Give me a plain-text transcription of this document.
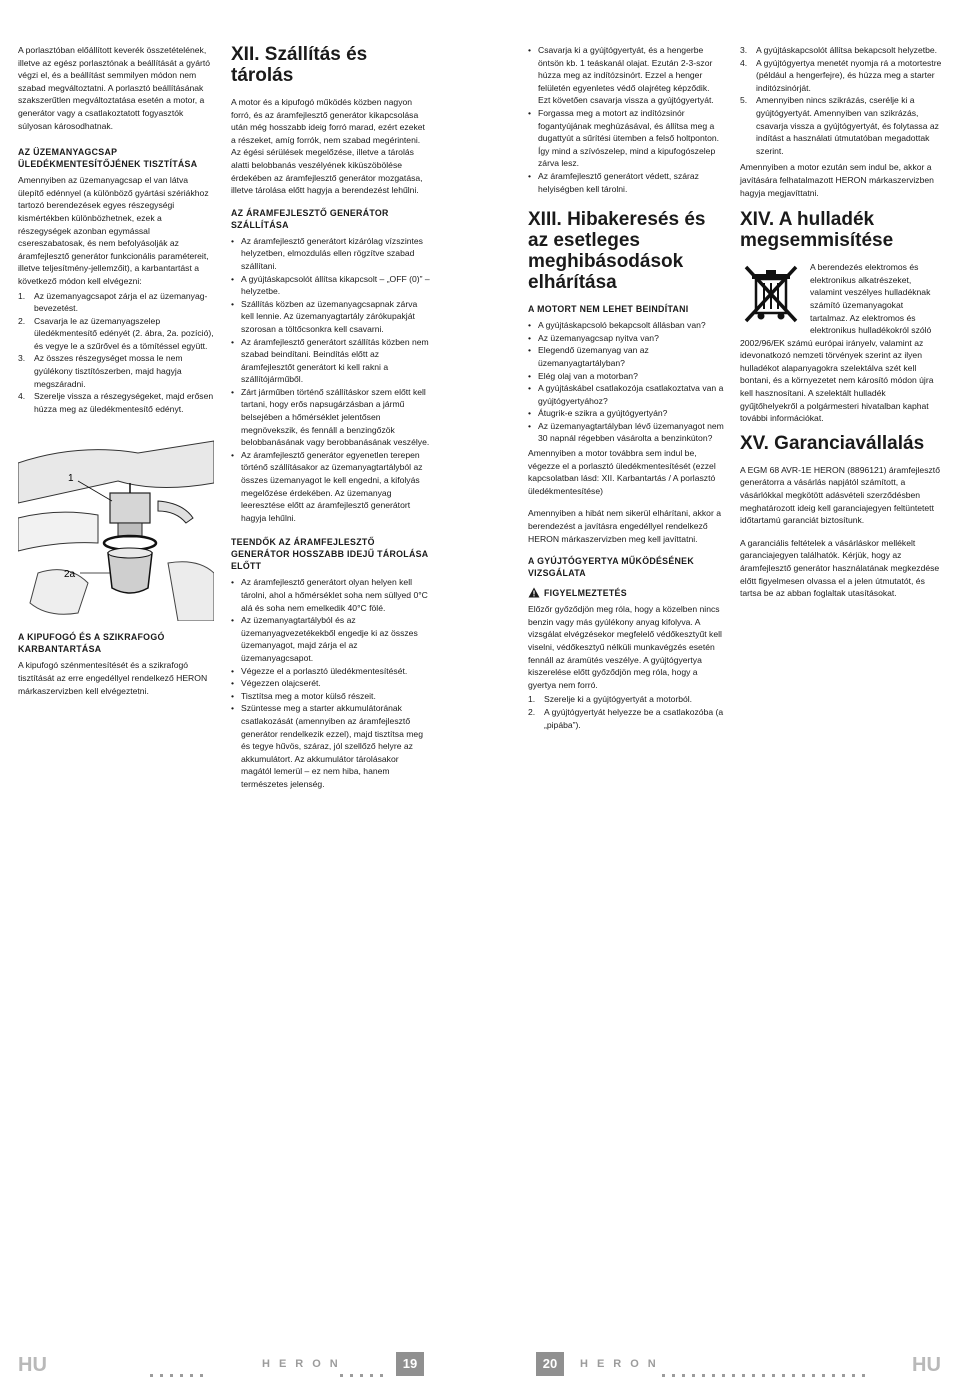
A porlasztóban előállított keverék összetételének, illetve az egész porlasztónak a beállítását a gyártó végzi el, és a beállítást semmilyen módon nem szabad megváltoztatni. A porlasztó beállításának szakszerűtlen megváltoztatása esetén a motor, a generátor vagy a csatlakoztatott fogyasztók súlyosan károsodhatnak.

AZ ÜZEMANYAGCSAP ÜLEDÉKMENTESÍTŐJÉNEK TISZTÍTÁSA

Amennyiben az üzemanyagcsap el van látva ülepítő edénnyel (a különböző gyártási szériákhoz tartozó berendezések egyes részegységi kismértékben különbözhetnek, ezek a részegységek azonban egymással csereszabatosak, és nem befolyásolják az áramfejlesztő generátor funkcionális paramétereit, illetve teljesítmény-jellemzőit), a karbantartást a következő módon kell elvégezni:

1. Az üzemanyagcsapot zárja el az üzemanyag-bevezetést.
2. Csavarja le az üzemanyagszelep üledékmentesítő edényét (2. ábra, 2a. pozíció), és vegye le a szűrővel és a tömítéssel együtt.
3. Az összes részegységet mossa le nem gyúlékony tisztítószerben, majd hagyja megszáradni.
4. Szerelje vissza a részegységeket, majd erősen húzza meg az üledékmentesítő edényt.
1
2a
A KIPUFOGÓ ÉS A SZIKRAFOGÓ KARBANTARTÁSA

A kipufogó szénmentesítését és a szikrafogó tisztítását az erre engedéllyel rendelkező HERON márkaszervizben kell elvégeztetni.

XII. Szállítás és tárolás

A motor és a kipufogó működés közben nagyon forró, és az áramfejlesztő generátor kikapcsolása után még hosszabb ideig forró marad, ezért ezeket a részeket, amíg forrók, nem szabad megérinteni. Az égési sérülések megelőzése, illetve a tárolás alatti belobbanás veszélyének kiküszöbölése érdekében az áramfejlesztő generátor mozgatása, illetve tárolása előtt hagyja a berendezést lehűlni.

AZ ÁRAMFEJLESZTŐ GENERÁTOR SZÁLLÍTÁSA
• Az áramfejlesztő generátort kizárólag vízszintes helyzetben, elmozdulás ellen rögzítve szabad szállítani.
• A gyújtáskapcsolót állítsa kikapcsolt – „OFF (0)” – helyzetbe.
• Szállítás közben az üzemanyagcsapnak zárva kell lennie. Az üzemanyagtartály zárókupakját szorosan a töltőcsonkra kell csavarni.
• Az áramfejlesztő generátort szállítás közben nem szabad beindítani. Beindítás előtt az áramfejlesztőt generátort ki kell rakni a szállítójárműből.
• Zárt járműben történő szállításkor szem előtt kell tartani, hogy erős napsugárzásban a jármű belsejében a hőmérséklet jelentősen megnövekszik, és fennáll a benzingőzök belobbanásának vagy berobbanásának veszélye.
• Az áramfejlesztő generátor egyenetlen terepen történő szállításakor az üzemanyagtartályból az összes üzemanyagot le kell engedni, a kifolyás megelőzése érdekében. Az üzemanyag leeresztése előtt az áramfejlesztő generátort hagyja lehűlni.
TEENDŐK AZ ÁRAMFEJLESZTŐ GENERÁTOR HOSSZABB IDEJŰ TÁROLÁSA ELŐTT
• Az áramfejlesztő generátort olyan helyen kell tárolni, ahol a hőmérséklet soha nem süllyed 0°C alá és soha nem emelkedik 40°C fölé.
• Az üzemanyagtartályból és az üzemanyagvezetékekből engedje ki az összes üzemanyagot, majd zárja el az üzemanyagcsapot.
• Végezze el a porlasztó üledékmentesítését.
• Végezzen olajcserét.
• Tisztítsa meg a motor külső részeit.
• Szüntesse meg a starter akkumulátorának csatlakozását (amennyiben az áramfejlesztő generátor rendelkezik ezzel), majd tisztítsa meg és tegye hűvös, száraz, jól szellőző helyre az akkumulátort. Az akkumulátor tárolásakor magától lemerül – ez nem hiba, hanem természetes jelenség.
• Csavarja ki a gyújtógyertyát, és a hengerbe öntsön kb. 1 teáskanál olajat. Ezután 2-3-szor húzza meg az indítózsinórt. Ezzel a henger felületén egyenletes védő olajréteg képződik. Ezt követően csavarja vissza a gyújtógyertyát.
• Forgassa meg a motort az indítózsinór fogantyújának meghúzásával, és állítsa meg a dugattyút a sűrítési ütemben a felső holtponton. Így mind a szívószelep, mind a kipufogószelep zárva lesz.
• Az áramfejlesztő generátort védett, száraz helyiségben kell tárolni.
XIII. Hibakeresés és az esetleges meghibásodások elhárítása
A MOTORT NEM LEHET BEINDÍTANI
• A gyújtáskapcsoló bekapcsolt állásban van?
• Az üzemanyagcsap nyitva van?
• Elegendő üzemanyag van az üzemanyagtartályban?
• Elég olaj van a motorban?
• A gyújtáskábel csatlakozója csatlakoztatva van a gyújtógyertyához?
• Átugrik-e szikra a gyújtógyertyán?
• Az üzemanyagtartályban lévő üzemanyagot nem 30 napnál régebben vásárolta a benzinkúton?

Amennyiben a motor továbbra sem indul be, végezze el a porlasztó üledékmentesítését (ezzel kapcsolatban lásd: XII. Karbantartás / A porlasztó üledékmentesítése)

Amennyiben a hibát nem sikerül elhárítani, akkor a berendezést a javításra engedéllyel rendelkező HERON márkaszervizben meg kell javíttatni.

A GYÚJTÓGYERTYA MŰKÖDÉSÉNEK VIZSGÁLATA
FIGYELMEZTETÉS

Előzőr győződjön meg róla, hogy a közelben nincs benzin vagy más gyúlékony anyag kifolyva. A vizsgálat elvégzésekor megfelelő védőkesztyűt kell viselni, védőkesztyű nélküli munkavégzés esetén fennáll az áramütés veszélye. A gyújtógyertya kiszerelése előtt győződjön meg róla, hogy a gyertya nem forró.

1. Szerelje ki a gyújtógyertyát a motorból.
2. A gyújtógyertyát helyezze be a csatlakozóba (a „pipába”).
3. A gyújtáskapcsolót állítsa bekapcsolt helyzetbe.
4. A gyújtógyertya menetét nyomja rá a motortestre (például a hengerfejre), és húzza meg a starter inditózsinórját.
5. Amennyiben nincs szikrázás, cserélje ki a gyújtógyertyát. Amennyiben van szikrázás, csavarja vissza a gyújtógyertyát, és folytassa az indítást a használati útmutatóban megadottak szerint.

Amennyiben a motor ezután sem indul be, akkor a javítására felhatalmazott HERON márkaszervizben hagyja megjavíttatni.

XIV. A hulladék megsemmisítése
A berendezés elektromos és elektronikus alkatrészeket, valamint veszélyes hulladéknak számító üzemanyagokat tartalmaz. Az elektromos és elektronikus hulladékokról szóló 2002/96/EK számú európai irányelv, valamint az idevonatkozó nemzeti törvények szerint az ilyen hulladékot alapanyagokra szelektálva szét kell bontani, és a környezetet nem károsító módon újra kell hasznosítani. A szelektált hulladék gyűjtőhelyekről a polgármesteri hivatalban kaphat további információkat.
XV. Garanciavállalás

A EGM 68 AVR-1E HERON (8896121) áramfejlesztő generátorra a vásárlás napjától számított, a vásárlókkal megkötött adásvételi szerződésben meghatározott ideig kell garanciajegyen feltüntetett időtartamú garanciát biztosítunk.

A garanciális feltételek a vásárláskor mellékelt garanciajegyen találhatók. Kérjük, hogy az áramfejlesztő generátor használatának megkezdése előtt figyelmesen olvassa el a jelen útmutatót, és tartsa be az abban foglaltak utasításokat.

HU	HERON	19	20	HERON	HU
